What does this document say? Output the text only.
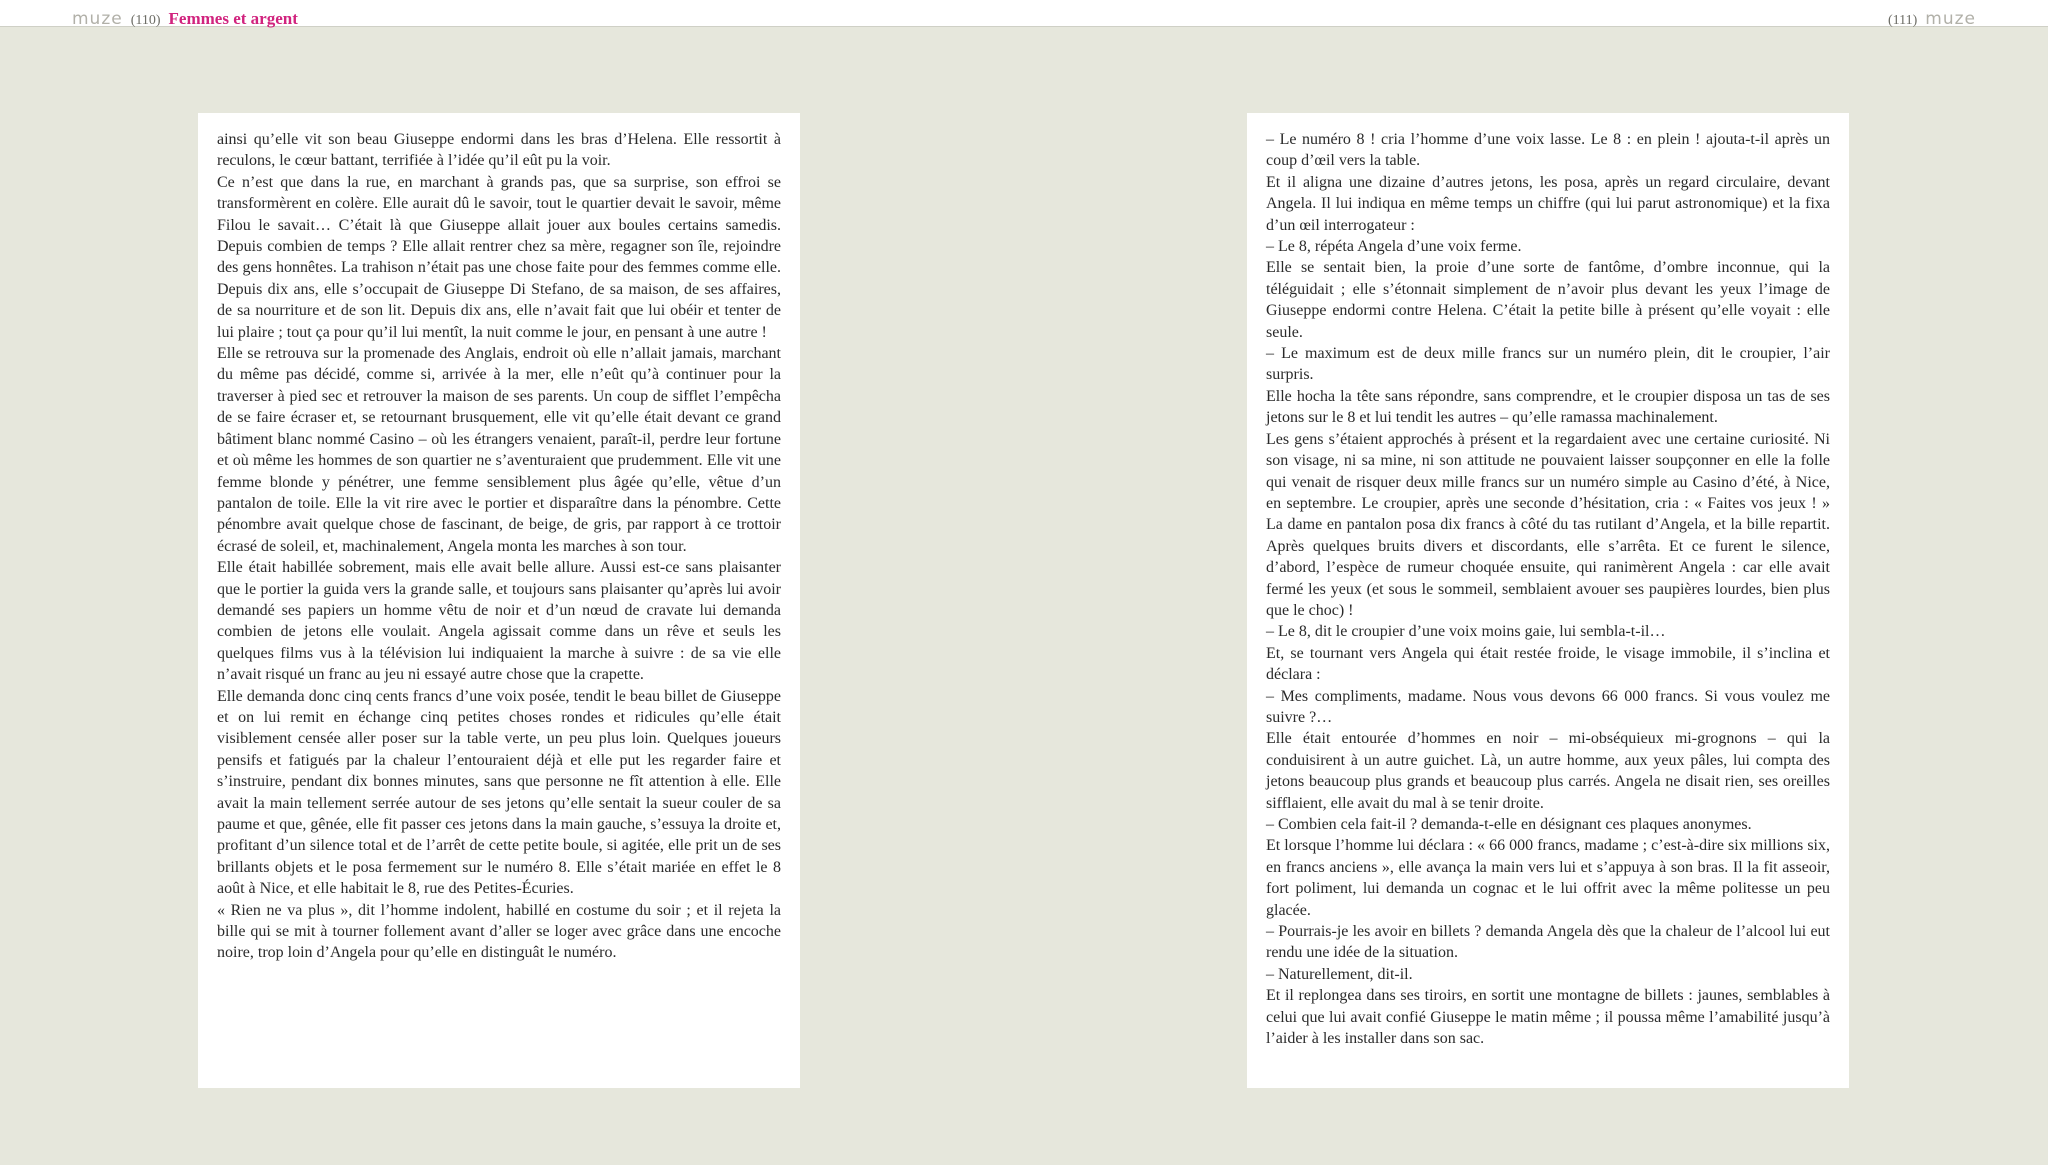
muze (110) Femmes et argent	(111) muze

ainsi qu’elle vit son beau Giuseppe endormi dans les bras d’Helena. Elle ressortit à reculons, le cœur battant, terrifiée à l’idée qu’il eût pu la voir.

Ce n’est que dans la rue, en marchant à grands pas, que sa surprise, son effroi se transformèrent en colère. Elle aurait dû le savoir, tout le quartier devait le savoir, même Filou le savait… C’était là que Giuseppe allait jouer aux boules certains samedis. Depuis combien de temps ? Elle allait rentrer chez sa mère, regagner son île, rejoindre des gens honnêtes. La trahison n’était pas une chose faite pour des femmes comme elle. Depuis dix ans, elle s’occupait de Giuseppe Di Stefano, de sa maison, de ses affaires, de sa nourriture et de son lit. Depuis dix ans, elle n’avait fait que lui obéir et tenter de lui plaire ; tout ça pour qu’il lui mentît, la nuit comme le jour, en pensant à une autre !

Elle se retrouva sur la promenade des Anglais, endroit où elle n’allait jamais, marchant du même pas décidé, comme si, arrivée à la mer, elle n’eût qu’à continuer pour la traverser à pied sec et retrouver la maison de ses parents. Un coup de sifflet l’empêcha de se faire écraser et, se retournant brusquement, elle vit qu’elle était devant ce grand bâtiment blanc nommé Casino – où les étrangers venaient, paraît-il, perdre leur fortune et où même les hommes de son quartier ne s’aventuraient que prudemment. Elle vit une femme blonde y pénétrer, une femme sensiblement plus âgée qu’elle, vêtue d’un pantalon de toile. Elle la vit rire avec le portier et disparaître dans la pénombre. Cette pénombre avait quelque chose de fascinant, de beige, de gris, par rapport à ce trottoir écrasé de soleil, et, machinalement, Angela monta les marches à son tour.

Elle était habillée sobrement, mais elle avait belle allure. Aussi est-ce sans plaisanter que le portier la guida vers la grande salle, et toujours sans plaisanter qu’après lui avoir demandé ses papiers un homme vêtu de noir et d’un nœud de cravate lui demanda combien de jetons elle voulait. Angela agissait comme dans un rêve et seuls les quelques films vus à la télévision lui indiquaient la marche à suivre : de sa vie elle n’avait risqué un franc au jeu ni essayé autre chose que la crapette.

Elle demanda donc cinq cents francs d’une voix posée, tendit le beau billet de Giuseppe et on lui remit en échange cinq petites choses rondes et ridicules qu’elle était visiblement censée aller poser sur la table verte, un peu plus loin. Quelques joueurs pensifs et fatigués par la chaleur l’entouraient déjà et elle put les regarder faire et s’instruire, pendant dix bonnes minutes, sans que personne ne fît attention à elle. Elle avait la main tellement serrée autour de ses jetons qu’elle sentait la sueur couler de sa paume et que, gênée, elle fit passer ces jetons dans la main gauche, s’essuya la droite et, profitant d’un silence total et de l’arrêt de cette petite boule, si agitée, elle prit un de ses brillants objets et le posa fermement sur le numéro 8. Elle s’était mariée en effet le 8 août à Nice, et elle habitait le 8, rue des Petites-Écuries.

« Rien ne va plus », dit l’homme indolent, habillé en costume du soir ; et il rejeta la bille qui se mit à tourner follement avant d’aller se loger avec grâce dans une encoche noire, trop loin d’Angela pour qu’elle en distinguât le numéro.

– Le numéro 8 ! cria l’homme d’une voix lasse. Le 8 : en plein ! ajouta-t-il après un coup d’œil vers la table.

Et il aligna une dizaine d’autres jetons, les posa, après un regard circulaire, devant Angela. Il lui indiqua en même temps un chiffre (qui lui parut astronomique) et la fixa d’un œil interrogateur :

– Le 8, répéta Angela d’une voix ferme.

Elle se sentait bien, la proie d’une sorte de fantôme, d’ombre inconnue, qui la téléguidait ; elle s’étonnait simplement de n’avoir plus devant les yeux l’image de Giuseppe endormi contre Helena. C’était la petite bille à présent qu’elle voyait : elle seule.

– Le maximum est de deux mille francs sur un numéro plein, dit le croupier, l’air surpris.

Elle hocha la tête sans répondre, sans comprendre, et le croupier disposa un tas de ses jetons sur le 8 et lui tendit les autres – qu’elle ramassa machinalement.

Les gens s’étaient approchés à présent et la regardaient avec une certaine curiosité. Ni son visage, ni sa mine, ni son attitude ne pouvaient laisser soupçonner en elle la folle qui venait de risquer deux mille francs sur un numéro simple au Casino d’été, à Nice, en septembre. Le croupier, après une seconde d’hésitation, cria : « Faites vos jeux ! » La dame en pantalon posa dix francs à côté du tas rutilant d’Angela, et la bille repartit. Après quelques bruits divers et discordants, elle s’arrêta. Et ce furent le silence, d’abord, l’espèce de rumeur choquée ensuite, qui ranimèrent Angela : car elle avait fermé les yeux (et sous le sommeil, semblaient avouer ses paupières lourdes, bien plus que le choc) !

– Le 8, dit le croupier d’une voix moins gaie, lui sembla-t-il…

Et, se tournant vers Angela qui était restée froide, le visage immobile, il s’inclina et déclara :

– Mes compliments, madame. Nous vous devons 66 000 francs. Si vous voulez me suivre ?…

Elle était entourée d’hommes en noir – mi-obséquieux mi-grognons – qui la conduisirent à un autre guichet. Là, un autre homme, aux yeux pâles, lui compta des jetons beaucoup plus grands et beaucoup plus carrés. Angela ne disait rien, ses oreilles sifflaient, elle avait du mal à se tenir droite.

– Combien cela fait-il ? demanda-t-elle en désignant ces plaques anonymes.

Et lorsque l’homme lui déclara : « 66 000 francs, madame ; c’est-à-dire six millions six, en francs anciens », elle avança la main vers lui et s’appuya à son bras. Il la fit asseoir, fort poliment, lui demanda un cognac et le lui offrit avec la même politesse un peu glacée.

– Pourrais-je les avoir en billets ? demanda Angela dès que la chaleur de l’alcool lui eut rendu une idée de la situation.

– Naturellement, dit-il.

Et il replongea dans ses tiroirs, en sortit une montagne de billets : jaunes, semblables à celui que lui avait confié Giuseppe le matin même ; il poussa même l’amabilité jusqu’à l’aider à les installer dans son sac.
